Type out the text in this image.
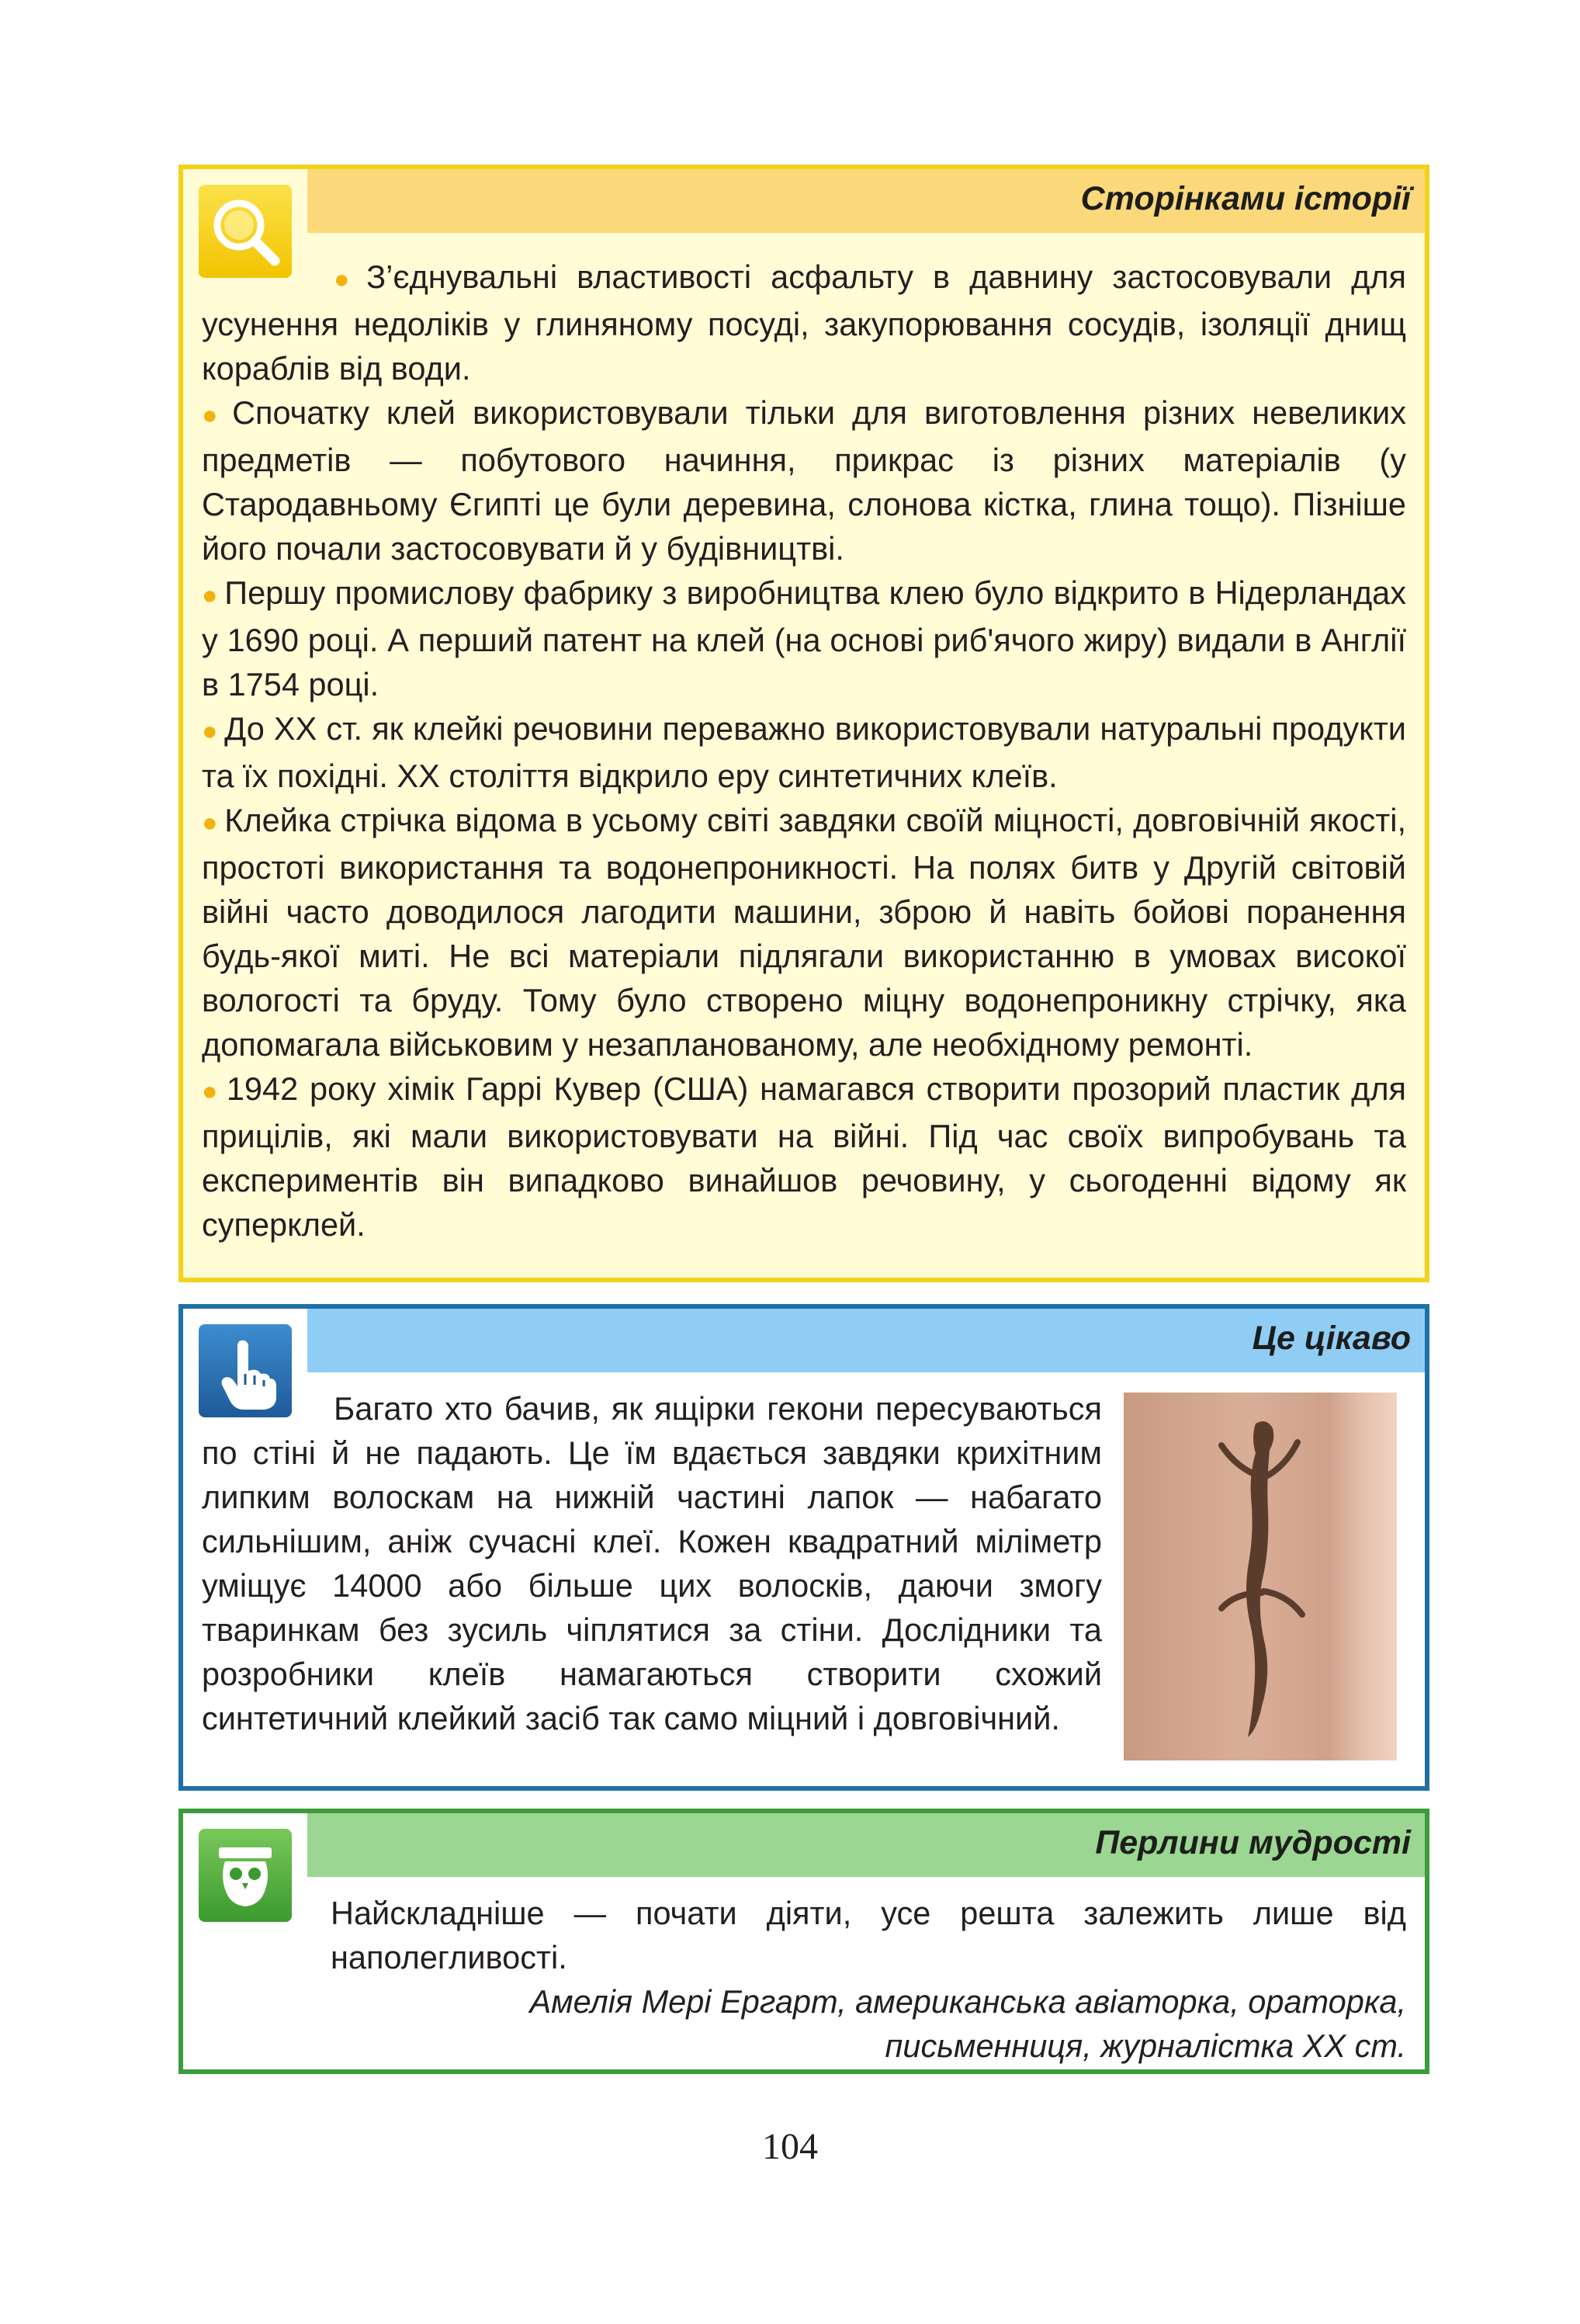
Сторінками історії

● З’єднувальні властивості асфальту в давнину застосовували для усунення недоліків у глиняному посуді, закупорювання сосудів, ізоляції днищ кораблів від води.

● Спочатку клей використовували тільки для виготовлення різних невеликих предметів — побутового начиння, прикрас із різних матеріалів (у Стародавньому Єгипті це були деревина, слонова кістка, глина тощо). Пізніше його почали застосовувати й у будівництві.

● Першу промислову фабрику з виробництва клею було відкрито в Нідерландах у 1690 році. А перший патент на клей (на основі риб'ячого жиру) видали в Англії в 1754 році.

● До ХХ ст. як клейкі речовини переважно використовували натуральні продукти та їх похідні. ХХ століття відкрило еру синтетичних клеїв.

● Клейка стрічка відома в усьому світі завдяки своїй міцності, довговічній якості, простоті використання та водонепроникності. На полях битв у Другій світовій війні часто доводилося лагодити машини, зброю й навіть бойові поранення будь-якої миті. Не всі матеріали підлягали використанню в умовах високої вологості та бруду. Тому було створено міцну водонепроникну стрічку, яка допомагала військовим у незапланованому, але необхідному ремонті.

● 1942 року хімік Гаррі Кувер (США) намагався створити прозорий пластик для прицілів, які мали використовувати на війні. Під час своїх випробувань та експериментів він випадково винайшов речовину, у сьогоденні відому як суперклей.

Це цікаво

Багато хто бачив, як ящірки гекони пересуваються по стіні й не падають. Це їм вдається завдяки крихітним липким волоскам на нижній частині лапок — набагато сильнішим, аніж сучасні клеї. Кожен квадратний міліметр уміщує 14000 або більше цих волосків, даючи змогу тваринкам без зусиль чіплятися за стіни. Дослідники та розробники клеїв намагаються створити схожий синтетичний клейкий засіб так само міцний і довговічний.

Перлини мудрості

Найскладніше — почати діяти, усе решта залежить лише від наполегливості.

Амелія Мері Ергарт, американська авіаторка, ораторка,

письменниця, журналістка ХХ ст.

104
